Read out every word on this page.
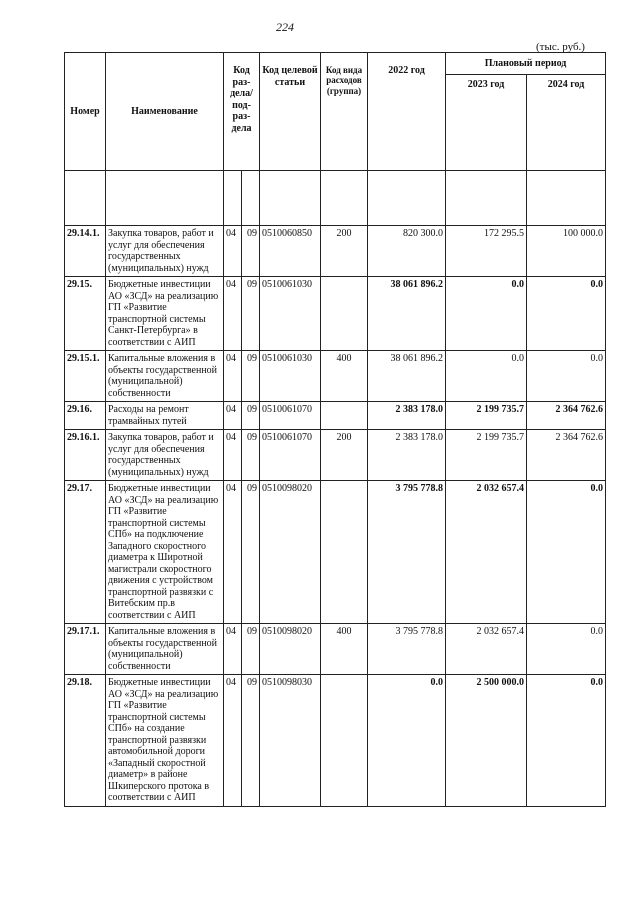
224
(тыс. руб.)
Номер	Наименование	Код раз-дела/ под-раз-дела		Код целевой статьи	Код вида расходов (группа)	2022 год	Плановый период	
							2023 год	2024 год

29.14.1.	Закупка товаров, работ и услуг для обеспечения государственных (муниципальных) нужд	04	09	0510060850	200	820 300.0	172 295.5	100 000.0
29.15.	Бюджетные инвестиции АО «ЗСД» на реализацию ГП «Развитие транспортной системы Санкт-Петербурга» в соответствии с АИП	04	09	0510061030		38 061 896.2	0.0	0.0
29.15.1.	Капитальные вложения в объекты государственной (муниципальной) собственности	04	09	0510061030	400	38 061 896.2	0.0	0.0
29.16.	Расходы на ремонт трамвайных путей	04	09	0510061070		2 383 178.0	2 199 735.7	2 364 762.6
29.16.1.	Закупка товаров, работ и услуг для обеспечения государственных (муниципальных) нужд	04	09	0510061070	200	2 383 178.0	2 199 735.7	2 364 762.6
29.17.	Бюджетные инвестиции АО «ЗСД» на реализацию ГП «Развитие транспортной системы СПб» на подключение Западного скоростного диаметра к Широтной магистрали скоростного движения с устройством транспортной развязки с Витебским пр.в соответствии с АИП	04	09	0510098020		3 795 778.8	2 032 657.4	0.0
29.17.1.	Капитальные вложения в объекты государственной (муниципальной) собственности	04	09	0510098020	400	3 795 778.8	2 032 657.4	0.0
29.18.	Бюджетные инвестиции АО «ЗСД» на реализацию ГП «Развитие транспортной системы СПб» на создание транспортной развязки автомобильной дороги «Западный скоростной диаметр» в районе Шкиперского протока в соответствии с АИП	04	09	0510098030		0.0	2 500 000.0	0.0
